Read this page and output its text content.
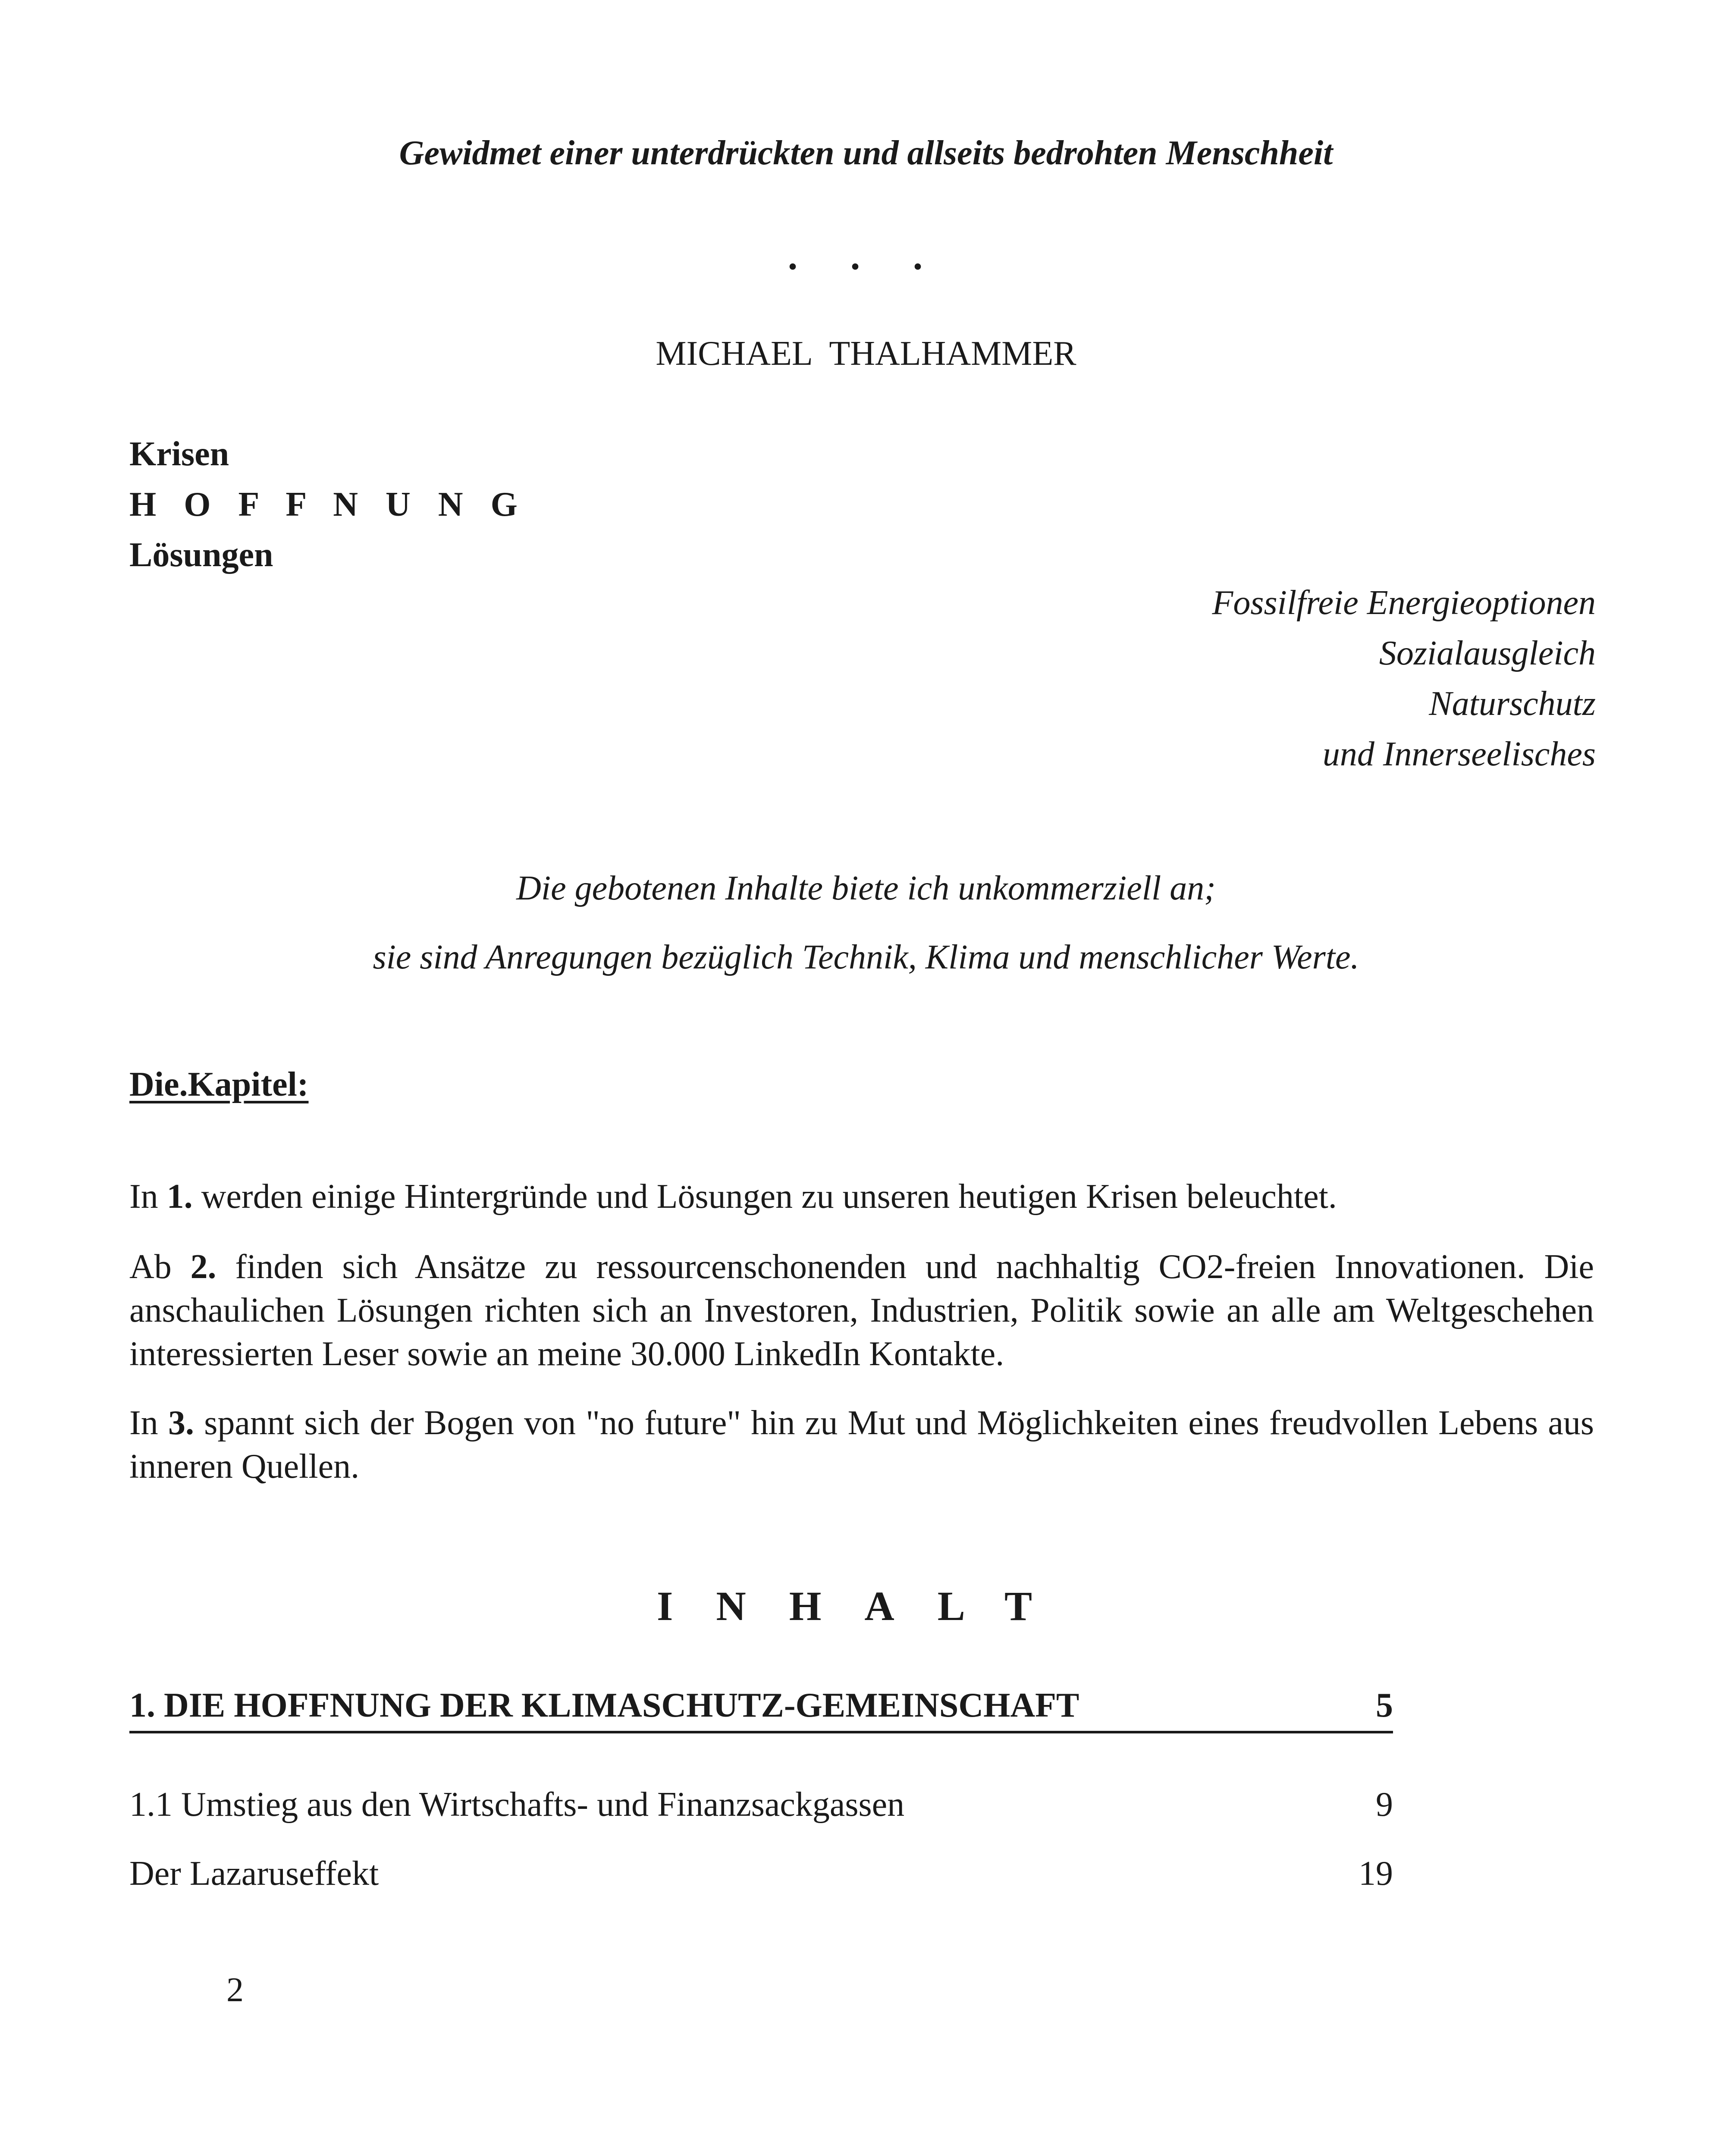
Gewidmet einer unterdrückten und allseits bedrohten Menschheit
. . .
MICHAEL THALHAMMER
Krisen
H O F F N U N G
Lösungen
Fossilfreie Energieoptionen
Sozialausgleich
Naturschutz
und Innerseelisches
Die gebotenen Inhalte biete ich unkommerziell an;
sie sind Anregungen bezüglich Technik, Klima und menschlicher Werte.
Die.Kapitel:
In 1. werden einige Hintergründe und Lösungen zu unseren heutigen Krisen beleuchtet.
Ab 2. finden sich Ansätze zu ressourcenschonenden und nachhaltig CO2-freien Innovationen. Die anschaulichen Lösungen richten sich an Investoren, Industrien, Politik sowie an alle am Weltgeschehen interessierten Leser sowie an meine 30.000 LinkedIn Kontakte.
In 3. spannt sich der Bogen von "no future" hin zu Mut und Möglichkeiten eines freudvollen Lebens aus inneren Quellen.
INHALT
1. DIE HOFFNUNG DER KLIMASCHUTZ-GEMEINSCHAFT	5
1.1 Umstieg aus den Wirtschafts- und Finanzsackgassen	9
Der Lazaruseffekt	19
2
